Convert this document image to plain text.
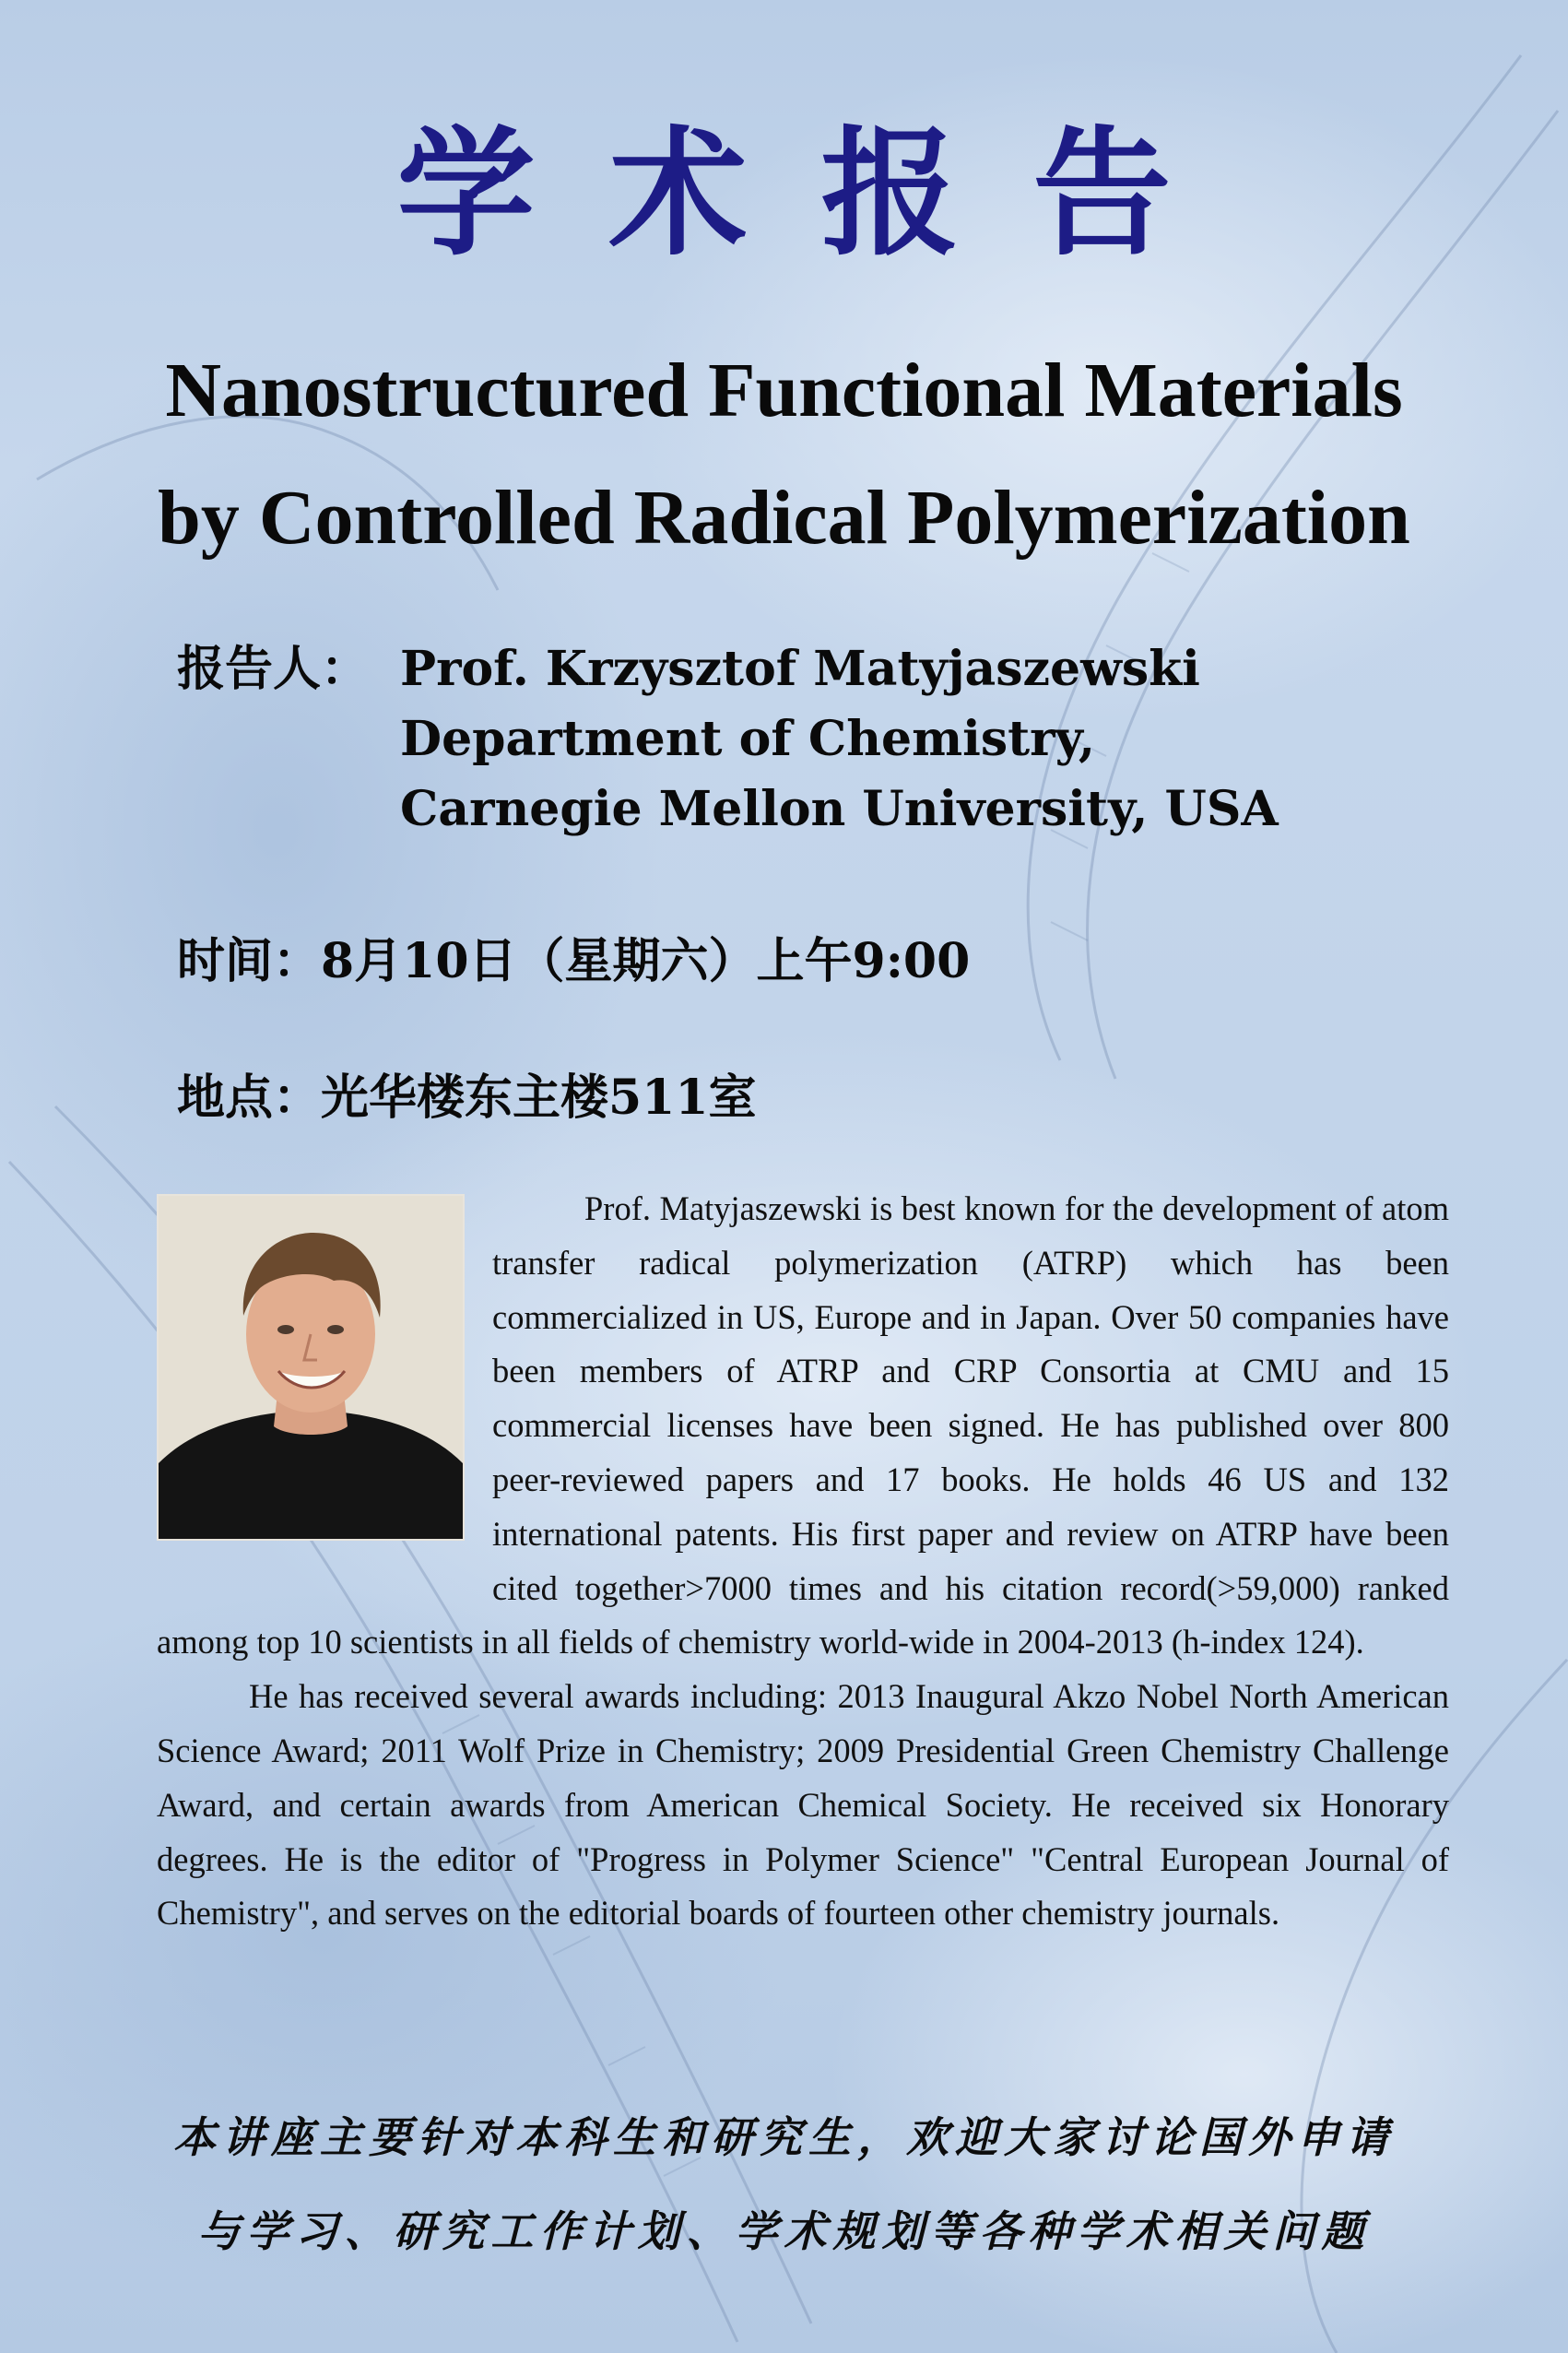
学术报告
Nanostructured Functional Materials
by Controlled Radical Polymerization
报告人： Prof. Krzysztof Matyjaszewski
Department of Chemistry,
Carnegie Mellon University, USA
时间：8月10日（星期六）上午9:00
地点：光华楼东主楼511室

Prof. Matyjaszewski is best known for the development of atom transfer radical polymerization (ATRP) which has been commercialized in US, Europe and in Japan. Over 50 companies have been members of ATRP and CRP Consortia at CMU and 15 commercial licenses have been signed. He has published over 800 peer-reviewed papers and 17 books. He holds 46 US and 132 international patents. His first paper and review on ATRP have been cited together>7000 times and his citation record(>59,000) ranked among top 10 scientists in all fields of chemistry world-wide in 2004-2013 (h-index 124).

He has received several awards including: 2013 Inaugural Akzo Nobel North American Science Award; 2011 Wolf Prize in Chemistry; 2009 Presidential Green Chemistry Challenge Award, and certain awards from American Chemical Society. He received six Honorary degrees. He is the editor of "Progress in Polymer Science" "Central European Journal of Chemistry", and serves on the editorial boards of fourteen other chemistry journals.

本讲座主要针对本科生和研究生，欢迎大家讨论国外申请
与学习、研究工作计划、学术规划等各种学术相关问题
